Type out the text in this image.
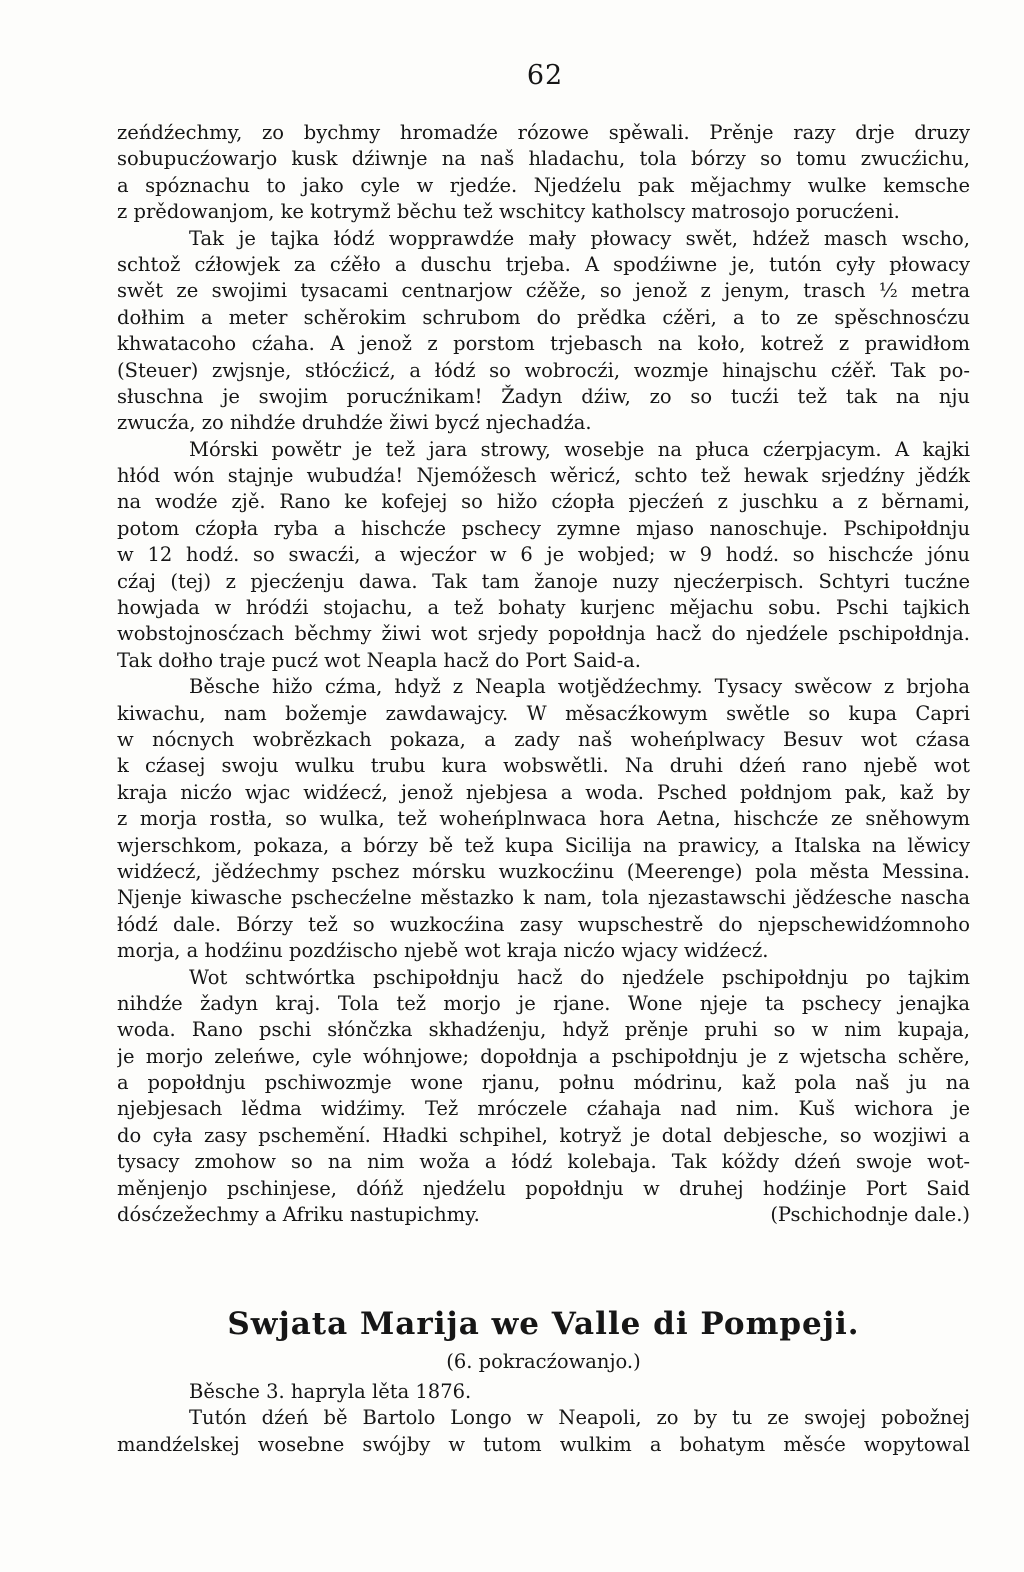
62
zeńdźechmy, zo bychmy hromadźe rózowe spěwali. Prěnje razy drje druzy
sobupucźowarjo kusk dźiwnje na naš hladachu, tola bórzy so tomu zwucźichu,
a spóznachu to jako cyle w rjedźe. Njedźelu pak mějachmy wulke kemsche
z prědowanjom, ke kotrymž běchu tež wschitcy katholscy matrosojo porucźeni.
Tak je tajka łódź wopprawdźe mały płowacy swět, hdźež masch wscho,
schtož cźłowjek za cźěło a duschu trjeba. A spodźiwne je, tutón cyły płowacy
swět ze swojimi tysacami centnarjow cźěže, so jenož z jenym, trasch ½ metra
dołhim a meter schěrokim schrubom do prědka cźěri, a to ze spěschnosćzu
khwatacoho cźaha. A jenož z porstom trjebasch na koło, kotrež z prawidłom
(Steuer) zwjsnje, stłócźicź, a łódź so wobrocźi, wozmje hinajschu cźěř. Tak po-
słuschna je swojim porucźnikam! Žadyn dźiw, zo so tucźi tež tak na nju
zwucźa, zo nihdźe druhdźe žiwi bycź njechadźa.
Mórski powětr je tež jara strowy, wosebje na płuca cźerpjacym. A kajki
hłód wón stajnje wubudźa! Njemóžesch wěricź, schto tež hewak srjedźny jědźk
na wodźe zjě. Rano ke kofejej so hižo cźopła pjecźeń z juschku a z běrnami,
potom cźopła ryba a hischcźe pschecy zymne mjaso nanoschuje. Pschipołdnju
w 12 hodź. so swacźi, a wjecźor w 6 je wobjed; w 9 hodź. so hischcźe jónu
cźaj (tej) z pjecźenju dawa. Tak tam žanoje nuzy njecźerpisch. Schtyri tucźne
howjada w hródźi stojachu, a tež bohaty kurjenc mějachu sobu. Pschi tajkich
wobstojnosćzach běchmy žiwi wot srjedy popołdnja hacž do njedźele pschipołdnja.
Tak dołho traje pucź wot Neapla hacž do Port Said-a.
Běsche hižo cźma, hdyž z Neapla wotjědźechmy. Tysacy swěcow z brjoha
kiwachu, nam božemje zawdawajcy. W měsacźkowym swětle so kupa Capri
w nócnych wobrězkach pokaza, a zady naš woheńplwacy Besuv wot cźasa
k cźasej swoju wulku trubu kura wobswětli. Na druhi dźeń rano njebě wot
kraja nicźo wjac widźecź, jenož njebjesa a woda. Psched połdnjom pak, kaž by
z morja rostła, so wulka, tež woheńplnwaca hora Aetna, hischcźe ze sněhowym
wjerschkom, pokaza, a bórzy bě tež kupa Sicilija na prawicy, a Italska na lěwicy
widźecź, jědźechmy pschez mórsku wuzkocźinu (Meerenge) pola města Messina.
Njenje kiwasche pschecźelne městazko k nam, tola njezastawschi jědźesche nascha
łódź dale. Bórzy tež so wuzkocźina zasy wupschestrě do njepschewidźomnoho
morja, a hodźinu pozdźischo njebě wot kraja nicźo wjacy widźecź.
Wot schtwórtka pschipołdnju hacž do njedźele pschipołdnju po tajkim
nihdźe žadyn kraj. Tola tež morjo je rjane. Wone njeje ta pschecy jenajka
woda. Rano pschi słónčzka skhadźenju, hdyž prěnje pruhi so w nim kupaja,
je morjo zeleńwe, cyle wóhnjowe; dopołdnja a pschipołdnju je z wjetscha schěre,
a popołdnju pschiwozmje wone rjanu, połnu módrinu, kaž pola naš ju na
njebjesach lědma widźimy. Tež mróczele cźahaja nad nim. Kuš wichora je
do cyła zasy pschemění. Hładki schpihel, kotryž je dotal debjesche, so wozjiwi a
tysacy zmohow so na nim woža a łódź kolebaja. Tak kóždy dźeń swoje wot-
měnjenjo pschinjese, dóńž njedźelu popołdnju w druhej hodźinje Port Said
dósćzežechmy a Afriku nastupichmy.	(Pschichodnje dale.)
Swjata Marija we Valle di Pompeji.
(6. pokracźowanjo.)
Běsche 3. hapryla lěta 1876.
Tutón dźeń bě Bartolo Longo w Neapoli, zo by tu ze swojej pobožnej
mandźelskej wosebne swójby w tutom wulkim a bohatym měsće wopytowal
